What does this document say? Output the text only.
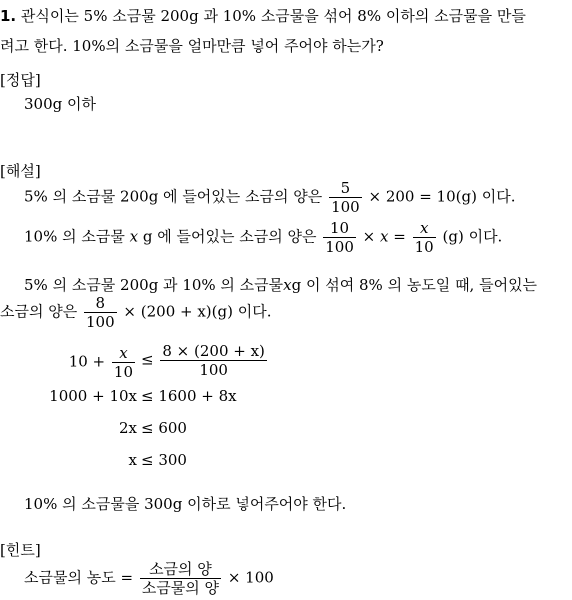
1. 관식이는 5% 소금물 200g 과 10% 소금물을 섞어 8% 이하의 소금물을 만들
려고 한다. 10%의 소금물을 얼마만큼 넣어 주어야 하는가?
[정답]
300g 이하
[해설]
5% 의 소금물 200g 에 들어있는 소금의 양은 $\frac{5}{100} \times 200 = 10(g)$ 이다.
10% 의 소금물 x g 에 들어있는 소금의 양은 $\frac{10}{100} \times x = \frac{x}{10} (g)$ 이다.
5% 의 소금물 200g 과 10% 의 소금물xg 이 섞여 8% 의 농도일 때, 들어있는
소금의 양은 $\frac{8}{100} \times (200 + x)(g)$ 이다.
$10 + \frac{x}{10} \le \frac{8 \times (200 + x)}{100}$
1000 + 10x ≤ 1600 + 8x
2x ≤ 600
x ≤ 300
10% 의 소금물을 300g 이하로 넣어주어야 한다.
[힌트]
소금물의 농도 = $\frac{\text{소금의 양}}{\text{소금물의 양}} \times 100$
